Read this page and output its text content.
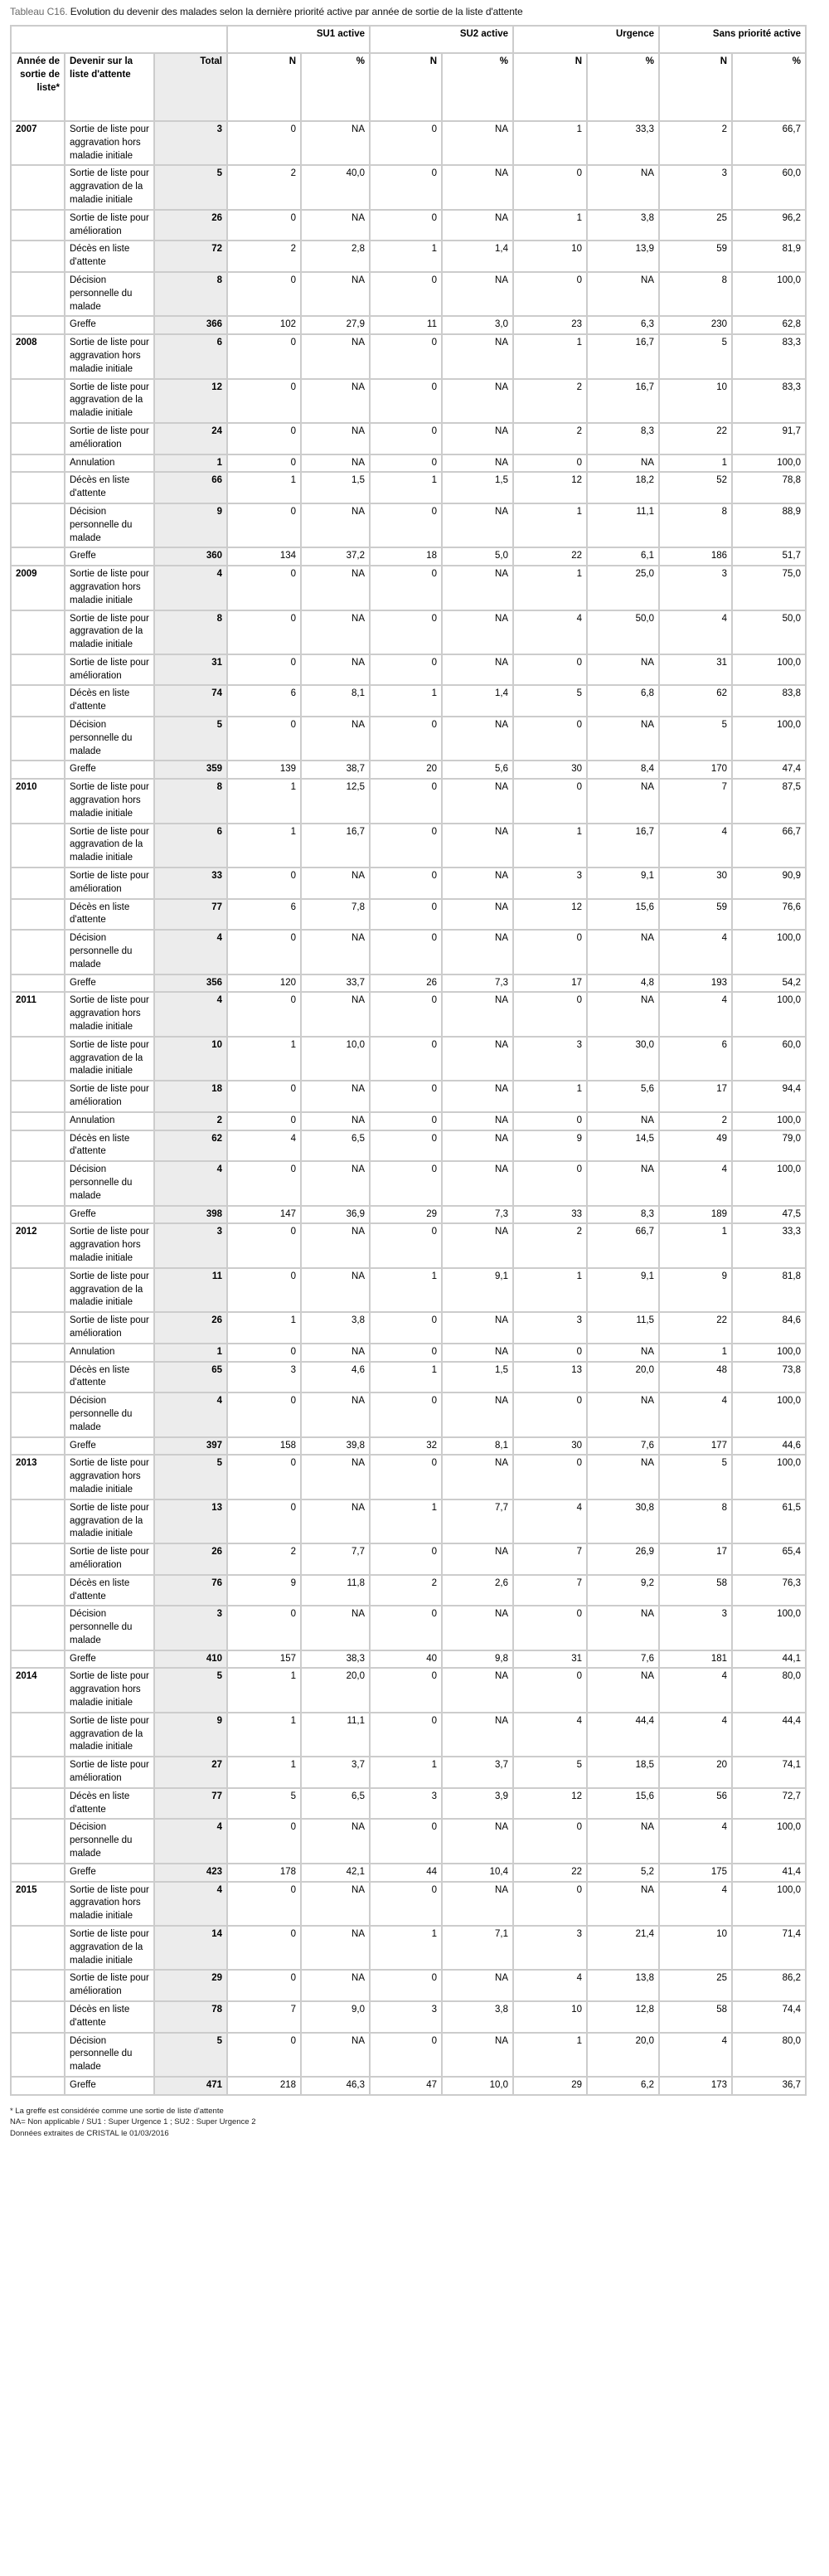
Tableau C16. Evolution du devenir des malades selon la dernière priorité active par année de sortie de la liste d'attente
			SU1 active		SU2 active		Urgence		Sans priorité active	
Année de sortie de liste*	Devenir sur la liste d'attente	Total	N	%	N	%	N	%	N	%
2007	Sortie de liste pour aggravation hors maladie initiale	3	0	NA	0	NA	1	33,3	2	66,7
	Sortie de liste pour aggravation de la maladie initiale	5	2	40,0	0	NA	0	NA	3	60,0
	Sortie de liste pour amélioration	26	0	NA	0	NA	1	3,8	25	96,2
	Décès en liste d'attente	72	2	2,8	1	1,4	10	13,9	59	81,9
	Décision personnelle du malade	8	0	NA	0	NA	0	NA	8	100,0
	Greffe	366	102	27,9	11	3,0	23	6,3	230	62,8
2008	Sortie de liste pour aggravation hors maladie initiale	6	0	NA	0	NA	1	16,7	5	83,3
	Sortie de liste pour aggravation de la maladie initiale	12	0	NA	0	NA	2	16,7	10	83,3
	Sortie de liste pour amélioration	24	0	NA	0	NA	2	8,3	22	91,7
	Annulation	1	0	NA	0	NA	0	NA	1	100,0
	Décès en liste d'attente	66	1	1,5	1	1,5	12	18,2	52	78,8
	Décision personnelle du malade	9	0	NA	0	NA	1	11,1	8	88,9
	Greffe	360	134	37,2	18	5,0	22	6,1	186	51,7
2009	Sortie de liste pour aggravation hors maladie initiale	4	0	NA	0	NA	1	25,0	3	75,0
	Sortie de liste pour aggravation de la maladie initiale	8	0	NA	0	NA	4	50,0	4	50,0
	Sortie de liste pour amélioration	31	0	NA	0	NA	0	NA	31	100,0
	Décès en liste d'attente	74	6	8,1	1	1,4	5	6,8	62	83,8
	Décision personnelle du malade	5	0	NA	0	NA	0	NA	5	100,0
	Greffe	359	139	38,7	20	5,6	30	8,4	170	47,4
2010	Sortie de liste pour aggravation hors maladie initiale	8	1	12,5	0	NA	0	NA	7	87,5
	Sortie de liste pour aggravation de la maladie initiale	6	1	16,7	0	NA	1	16,7	4	66,7
	Sortie de liste pour amélioration	33	0	NA	0	NA	3	9,1	30	90,9
	Décès en liste d'attente	77	6	7,8	0	NA	12	15,6	59	76,6
	Décision personnelle du malade	4	0	NA	0	NA	0	NA	4	100,0
	Greffe	356	120	33,7	26	7,3	17	4,8	193	54,2
2011	Sortie de liste pour aggravation hors maladie initiale	4	0	NA	0	NA	0	NA	4	100,0
	Sortie de liste pour aggravation de la maladie initiale	10	1	10,0	0	NA	3	30,0	6	60,0
	Sortie de liste pour amélioration	18	0	NA	0	NA	1	5,6	17	94,4
	Annulation	2	0	NA	0	NA	0	NA	2	100,0
	Décès en liste d'attente	62	4	6,5	0	NA	9	14,5	49	79,0
	Décision personnelle du malade	4	0	NA	0	NA	0	NA	4	100,0
	Greffe	398	147	36,9	29	7,3	33	8,3	189	47,5
2012	Sortie de liste pour aggravation hors maladie initiale	3	0	NA	0	NA	2	66,7	1	33,3
	Sortie de liste pour aggravation de la maladie initiale	11	0	NA	1	9,1	1	9,1	9	81,8
	Sortie de liste pour amélioration	26	1	3,8	0	NA	3	11,5	22	84,6
	Annulation	1	0	NA	0	NA	0	NA	1	100,0
	Décès en liste d'attente	65	3	4,6	1	1,5	13	20,0	48	73,8
	Décision personnelle du malade	4	0	NA	0	NA	0	NA	4	100,0
	Greffe	397	158	39,8	32	8,1	30	7,6	177	44,6
2013	Sortie de liste pour aggravation hors maladie initiale	5	0	NA	0	NA	0	NA	5	100,0
	Sortie de liste pour aggravation de la maladie initiale	13	0	NA	1	7,7	4	30,8	8	61,5
	Sortie de liste pour amélioration	26	2	7,7	0	NA	7	26,9	17	65,4
	Décès en liste d'attente	76	9	11,8	2	2,6	7	9,2	58	76,3
	Décision personnelle du malade	3	0	NA	0	NA	0	NA	3	100,0
	Greffe	410	157	38,3	40	9,8	31	7,6	181	44,1
2014	Sortie de liste pour aggravation hors maladie initiale	5	1	20,0	0	NA	0	NA	4	80,0
	Sortie de liste pour aggravation de la maladie initiale	9	1	11,1	0	NA	4	44,4	4	44,4
	Sortie de liste pour amélioration	27	1	3,7	1	3,7	5	18,5	20	74,1
	Décès en liste d'attente	77	5	6,5	3	3,9	12	15,6	56	72,7
	Décision personnelle du malade	4	0	NA	0	NA	0	NA	4	100,0
	Greffe	423	178	42,1	44	10,4	22	5,2	175	41,4
2015	Sortie de liste pour aggravation hors maladie initiale	4	0	NA	0	NA	0	NA	4	100,0
	Sortie de liste pour aggravation de la maladie initiale	14	0	NA	1	7,1	3	21,4	10	71,4
	Sortie de liste pour amélioration	29	0	NA	0	NA	4	13,8	25	86,2
	Décès en liste d'attente	78	7	9,0	3	3,8	10	12,8	58	74,4
	Décision personnelle du malade	5	0	NA	0	NA	1	20,0	4	80,0
	Greffe	471	218	46,3	47	10,0	29	6,2	173	36,7
* La greffe est considérée comme une sortie de liste d'attente
NA= Non applicable / SU1 : Super Urgence 1 ; SU2 : Super Urgence 2
Données extraites de CRISTAL le 01/03/2016
